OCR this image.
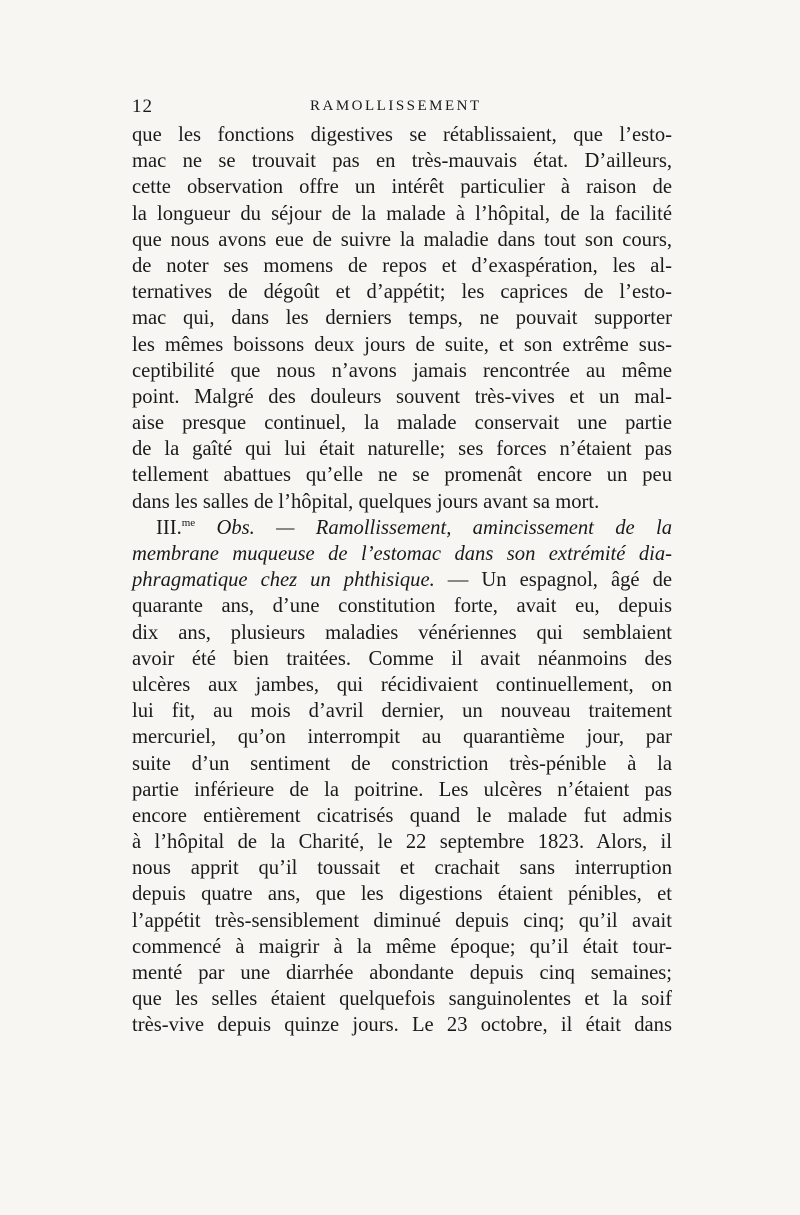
12	RAMOLLISSEMENT
que les fonctions digestives se rétablissaient, que l’esto-
mac ne se trouvait pas en très-mauvais état. D’ailleurs,
cette observation offre un intérêt particulier à raison de
la longueur du séjour de la malade à l’hôpital, de la facilité
que nous avons eue de suivre la maladie dans tout son cours,
de noter ses momens de repos et d’exaspération, les al-
ternatives de dégoût et d’appétit; les caprices de l’esto-
mac qui, dans les derniers temps, ne pouvait supporter
les mêmes boissons deux jours de suite, et son extrême sus-
ceptibilité que nous n’avons jamais rencontrée au même
point. Malgré des douleurs souvent très-vives et un mal-
aise presque continuel, la malade conservait une partie
de la gaîté qui lui était naturelle; ses forces n’étaient pas
tellement abattues qu’elle ne se promenât encore un peu
dans les salles de l’hôpital, quelques jours avant sa mort.
III.$^{me}$ Obs. — Ramollissement, amincissement de la
membrane muqueuse de l’estomac dans son extrémité dia-
phragmatique chez un phthisique. — Un espagnol, âgé de
quarante ans, d’une constitution forte, avait eu, depuis
dix ans, plusieurs maladies vénériennes qui semblaient
avoir été bien traitées. Comme il avait néanmoins des
ulcères aux jambes, qui récidivaient continuellement, on
lui fit, au mois d’avril dernier, un nouveau traitement
mercuriel, qu’on interrompit au quarantième jour, par
suite d’un sentiment de constriction très-pénible à la
partie inférieure de la poitrine. Les ulcères n’étaient pas
encore entièrement cicatrisés quand le malade fut admis
à l’hôpital de la Charité, le 22 septembre 1823. Alors, il
nous apprit qu’il toussait et crachait sans interruption
depuis quatre ans, que les digestions étaient pénibles, et
l’appétit très-sensiblement diminué depuis cinq; qu’il avait
commencé à maigrir à la même époque; qu’il était tour-
menté par une diarrhée abondante depuis cinq semaines;
que les selles étaient quelquefois sanguinolentes et la soif
très-vive depuis quinze jours. Le 23 octobre, il était dans
